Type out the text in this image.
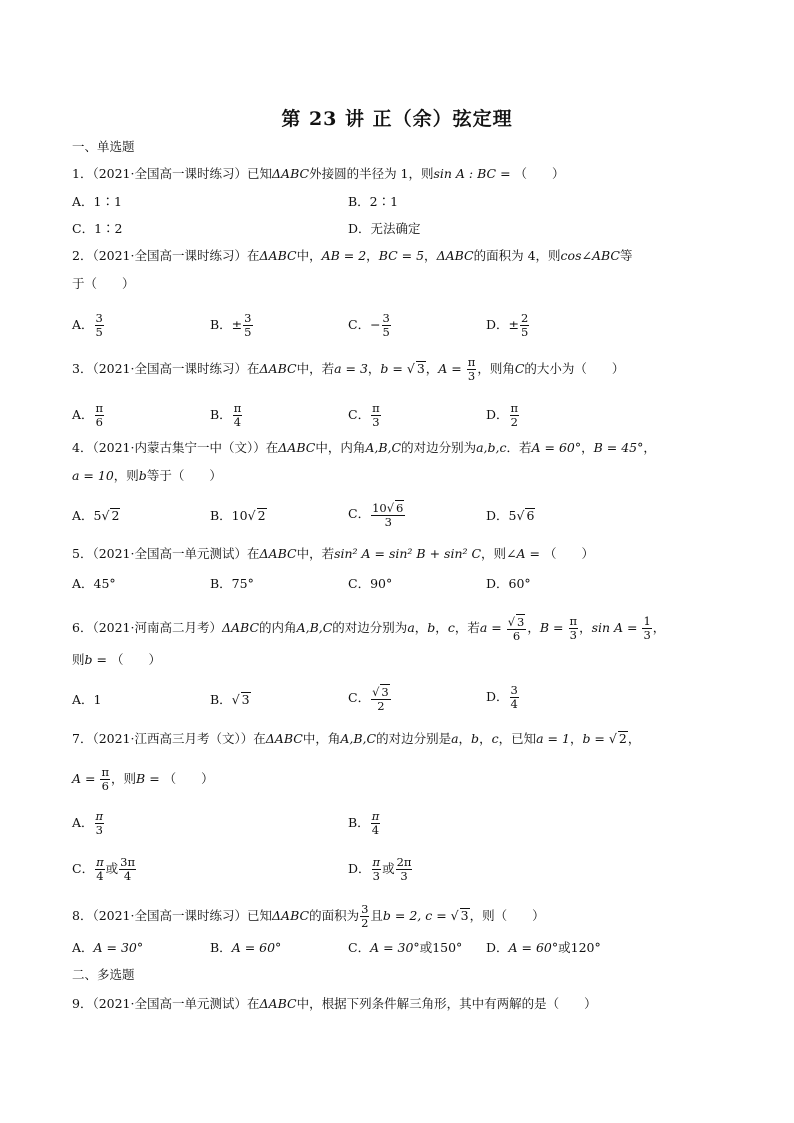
第 23 讲 正（余）弦定理
一、单选题
1．（2021·全国高一课时练习）已知ΔABC外接圆的半径为 1，则sin A : BC = （　　）
A．1∶1	B．2∶1
C．1∶2	D．无法确定
2．（2021·全国高一课时练习）在ΔABC中，AB = 2，BC = 5，ΔABC的面积为 4，则cos∠ABC等
于（　　）
A． $\frac{3}{5}$	B．± $\frac{3}{5}$	C．− $\frac{3}{5}$	D．± $\frac{2}{5}$
3．（2021·全国高一课时练习）在ΔABC中，若a = 3，b = √ 3，$A = \frac{\pi}{3}$ ，则角C的大小为（　　）
A． $\frac{\pi}{6}$	B． $\frac{\pi}{4}$	C． $\frac{\pi}{3}$	D． $\frac{\pi}{2}$
4．（2021·内蒙古集宁一中（文））在ΔABC中，内角A,B,C的对边分别为a,b,c．若A = 60°，B = 45°，
a = 10，则b等于（　　）
A．5√ 2	B．10√ 2	C． $\frac{10√ 6}{3}$	D．5√ 6
5．（2021·全国高一单元测试）在ΔABC中，若sin² A = sin² B + sin² C，则∠A = （　　）
A．45°	B．75°	C．90°	D．60°
6．（2021·河南高二月考）ΔABC的内角A,B,C的对边分别为a，b，c，若$a = \frac{√ 3}{6}$ ，$B = \frac{\pi}{3}$ ，$\sin A = \frac{1}{3}$ ，
则b = （　　）
A．1	B．√ 3	C． $\frac{√ 3}{2}$	D． $\frac{3}{4}$
7．（2021·江西高三月考（文））在ΔABC中，角A,B,C的对边分别是a，b，c，已知a = 1，b = √ 2，
$A = \frac{\pi}{6}$ ，则B = （　　）
A． $\frac{\pi}{3}$	B． $\frac{\pi}{4}$
C． $\frac{\pi}{4}$ 或 $\frac{3\pi}{4}$	D． $\frac{\pi}{3}$ 或 $\frac{2\pi}{3}$
8．（2021·全国高一课时练习）已知ΔABC的面积为 $\frac{3}{2}$ 且b = 2, c = √ 3，则（　　）
A．A = 30°	B．A = 60°	C．A = 30°或150° D．A = 60°或120°
二、多选题
9．（2021·全国高一单元测试）在ΔABC中，根据下列条件解三角形，其中有两解的是（　　）
